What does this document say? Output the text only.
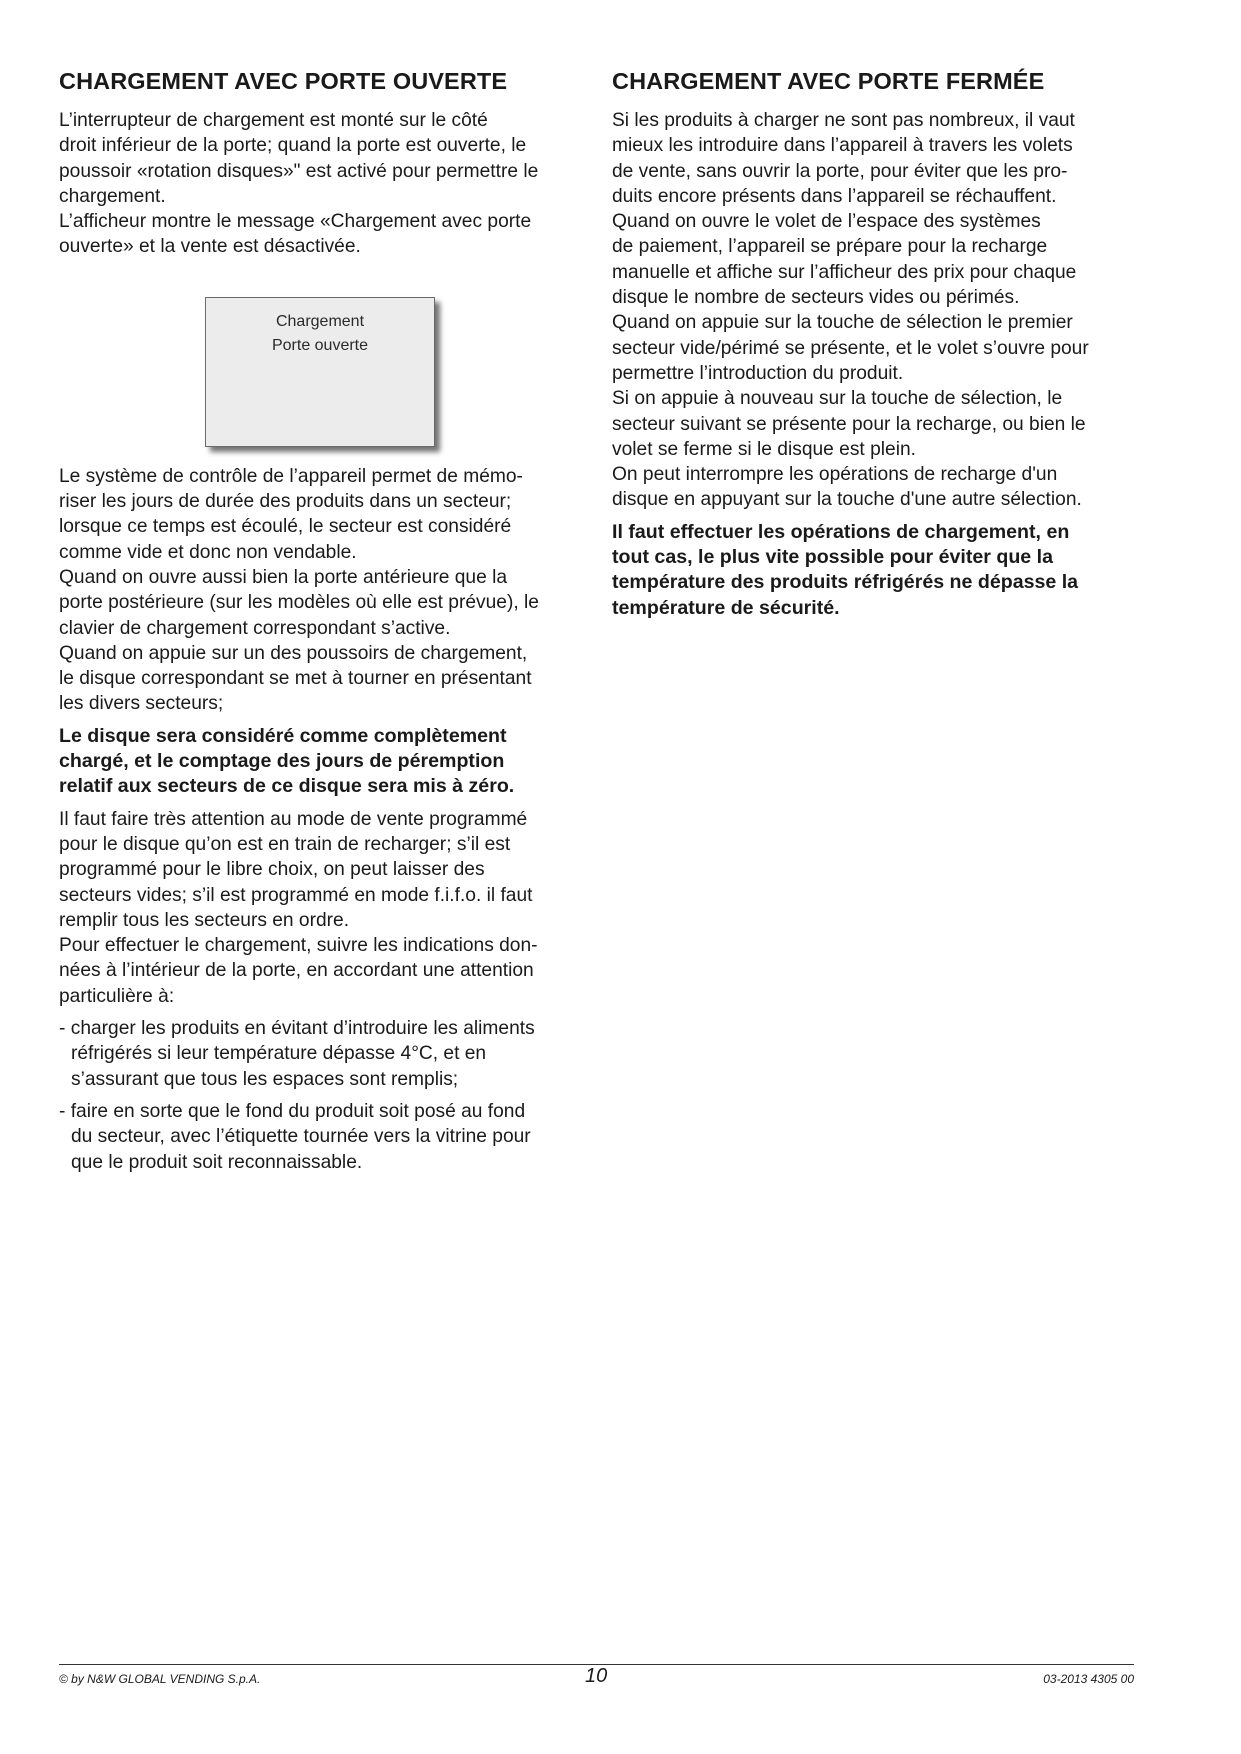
CHARGEMENT AVEC PORTE OUVERTE
L’interrupteur de chargement est monté sur le côté
droit inférieur de la porte; quand la porte est ouverte, le
poussoir «rotation disques»" est activé pour permettre le
chargement.
L’afficheur montre le message «Chargement avec porte
ouverte» et la vente est désactivée.
Chargement
Porte ouverte
Le système de contrôle de l’appareil permet de mémo-
riser les jours de durée des produits dans un secteur;
lorsque ce temps est écoulé, le secteur est considéré
comme vide et donc non vendable.
Quand on ouvre aussi bien la porte antérieure que la
porte postérieure (sur les modèles où elle est prévue), le
clavier de chargement correspondant s’active.
Quand on appuie sur un des poussoirs de chargement,
le disque correspondant se met à tourner en présentant
les divers secteurs;
Le disque sera considéré comme complètement
chargé, et le comptage des jours de péremption
relatif aux secteurs de ce disque sera mis à zéro.
Il faut faire très attention au mode de vente programmé
pour le disque qu’on est en train de recharger; s’il est
programmé pour le libre choix, on peut laisser des
secteurs vides; s’il est programmé en mode f.i.f.o. il faut
remplir tous les secteurs en ordre.
Pour effectuer le chargement, suivre les indications don-
nées à l’intérieur de la porte, en accordant une attention
particulière à:
- charger les produits en évitant d’introduire les aliments
réfrigérés si leur température dépasse 4°C, et en
s’assurant que tous les espaces sont remplis;
- faire en sorte que le fond du produit soit posé au fond
du secteur, avec l’étiquette tournée vers la vitrine pour
que le produit soit reconnaissable.
CHARGEMENT AVEC PORTE FERMÉE
Si les produits à charger ne sont pas nombreux, il vaut
mieux les introduire dans l’appareil à travers les volets
de vente, sans ouvrir la porte, pour éviter que les pro-
duits encore présents dans l’appareil se réchauffent.
Quand on ouvre le volet de l’espace des systèmes
de paiement, l’appareil se prépare pour la recharge
manuelle et affiche sur l’afficheur des prix pour chaque
disque le nombre de secteurs vides ou périmés.
Quand on appuie sur la touche de sélection le premier
secteur vide/périmé se présente, et le volet s’ouvre pour
permettre l’introduction du produit.
Si on appuie à nouveau sur la touche de sélection, le
secteur suivant se présente pour la recharge, ou bien le
volet se ferme si le disque est plein.
On peut interrompre les opérations de recharge d'un
disque en appuyant sur la touche d'une autre sélection.
Il faut effectuer les opérations de chargement, en
tout cas, le plus vite possible pour éviter que la
température des produits réfrigérés ne dépasse la
température de sécurité.
© by N&W GLOBAL VENDING S.p.A.	10	03-2013 4305 00
